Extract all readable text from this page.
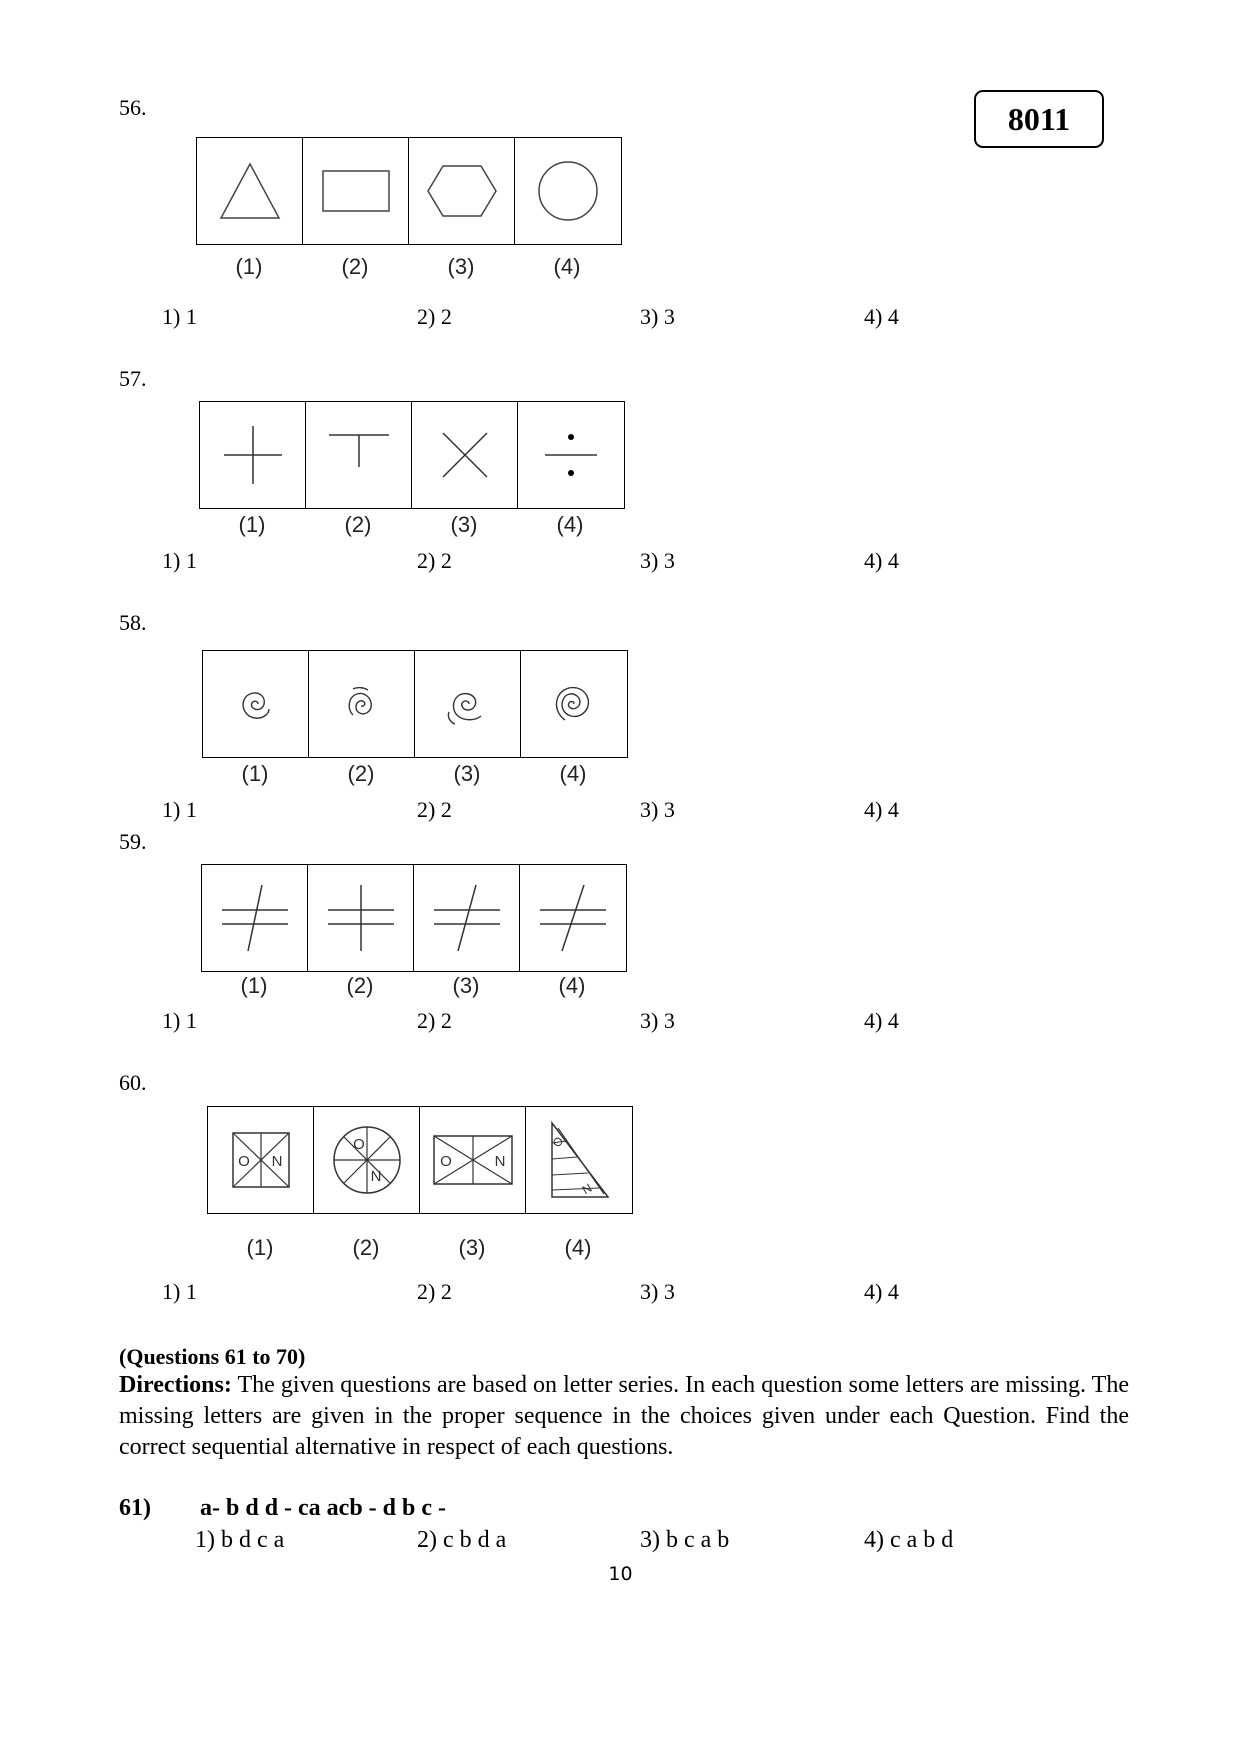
8011
56.
(1)	(2)	(3)	(4)
1) 1	2) 2	3) 3	4) 4
57.
(1)	(2)	(3)	(4)
1) 1	2) 2	3) 3	4) 4
58.
(1)	(2)	(3)	(4)
1) 1	2) 2	3) 3	4) 4
59.
(1)	(2)	(3)	(4)
1) 1	2) 2	3) 3	4) 4
60.
O N
O
N
O	N
O
N
(1)	(2)	(3)	(4)
1) 1	2) 2	3) 3	4) 4
(Questions 61 to 70)
Directions: The given questions are based on letter series. In each question some letters are missing. The missing letters are given in the proper sequence in the choices given under each Question. Find the correct sequential alternative in respect of each questions.
61) a- b d d - ca acb - d b c -
1) b d c a	2) c b d a	3) b c a b	4) c a b d
10
